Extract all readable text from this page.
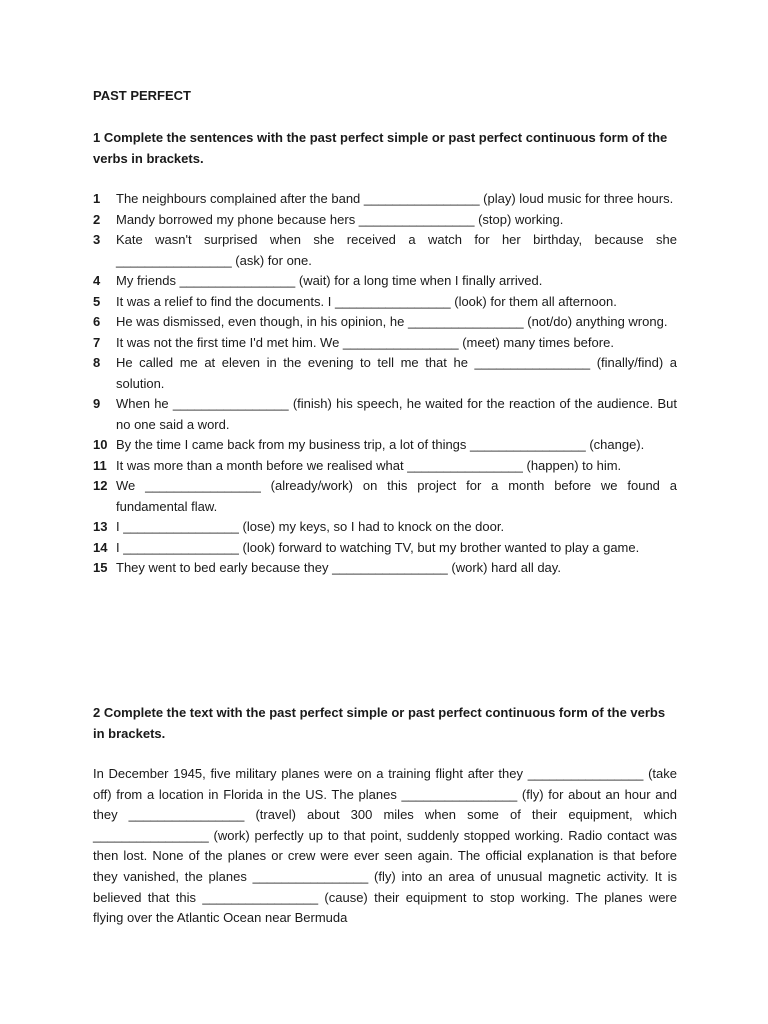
PAST PERFECT
1 Complete the sentences with the past perfect simple or past perfect continuous form of the verbs in brackets.
1	The neighbours complained after the band ________________ (play) loud music for three hours.
2	Mandy borrowed my phone because hers ________________ (stop) working.
3	Kate wasn't surprised when she received a watch for her birthday, because she ________________ (ask) for one.
4	My friends ________________ (wait) for a long time when I finally arrived.
5	It was a relief to find the documents. I ________________ (look) for them all afternoon.
6	He was dismissed, even though, in his opinion, he ________________ (not/do) anything wrong.
7	It was not the first time I'd met him. We ________________ (meet) many times before.
8	He called me at eleven in the evening to tell me that he ________________ (finally/find) a solution.
9	When he ________________ (finish) his speech, he waited for the reaction of the audience. But no one said a word.
10 By the time I came back from my business trip, a lot of things ________________ (change).
11 It was more than a month before we realised what ________________ (happen) to him.
12 We ________________ (already/work) on this project for a month before we found a fundamental flaw.
13 I ________________ (lose) my keys, so I had to knock on the door.
14 I ________________ (look) forward to watching TV, but my brother wanted to play a game.
15 They went to bed early because they ________________ (work) hard all day.
2 Complete the text with the past perfect simple or past perfect continuous form of the verbs in brackets.
In December 1945, five military planes were on a training flight after they ________________ (take off) from a location in Florida in the US. The planes ________________ (fly) for about an hour and they ________________ (travel) about 300 miles when some of their equipment, which ________________ (work) perfectly up to that point, suddenly stopped working. Radio contact was then lost. None of the planes or crew were ever seen again. The official explanation is that before they vanished, the planes ________________ (fly) into an area of unusual magnetic activity. It is believed that this ________________ (cause) their equipment to stop working. The planes were flying over the Atlantic Ocean near Bermuda
